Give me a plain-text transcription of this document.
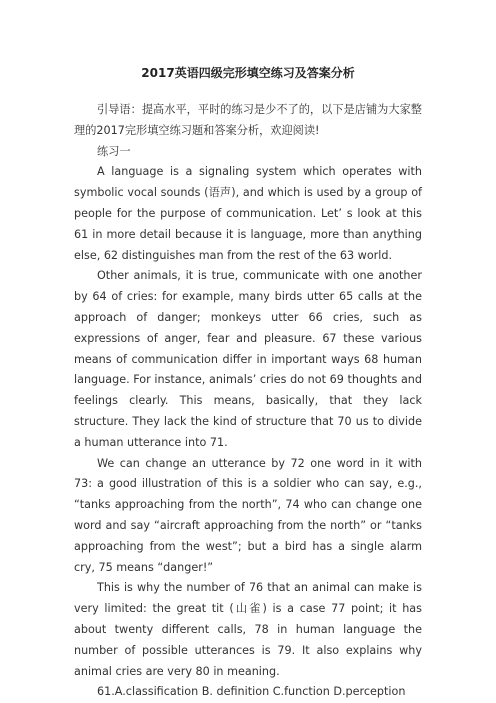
2017英语四级完形填空练习及答案分析

引导语：提高水平，平时的练习是少不了的，以下是店铺为大家整理的2017完形填空练习题和答案分析，欢迎阅读!

练习一

A language is a signaling system which operates with symbolic vocal sounds (语声), and which is used by a group of people for the purpose of communication. Let’ s look at this 61 in more detail because it is language, more than anything else, 62 distinguishes man from the rest of the 63 world.

Other animals, it is true, communicate with one another by 64 of cries: for example, many birds utter 65 calls at the approach of danger; monkeys utter 66 cries, such as expressions of anger, fear and pleasure. 67 these various means of communication differ in important ways 68 human language. For instance, animals’ cries do not 69 thoughts and feelings clearly. This means, basically, that they lack structure. They lack the kind of structure that 70 us to divide a human utterance into 71.

We can change an utterance by 72 one word in it with 73: a good illustration of this is a soldier who can say, e.g., “tanks approaching from the north”, 74 who can change one word and say “aircraft approaching from the north” or “tanks approaching from the west”; but a bird has a single alarm cry, 75 means “danger!”

This is why the number of 76 that an animal can make is very limited: the great tit (山雀) is a case 77 point; it has about twenty different calls, 78 in human language the number of possible utterances is 79. It also explains why animal cries are very 80 in meaning.

61.A.classification B. definition C.function D.perception
